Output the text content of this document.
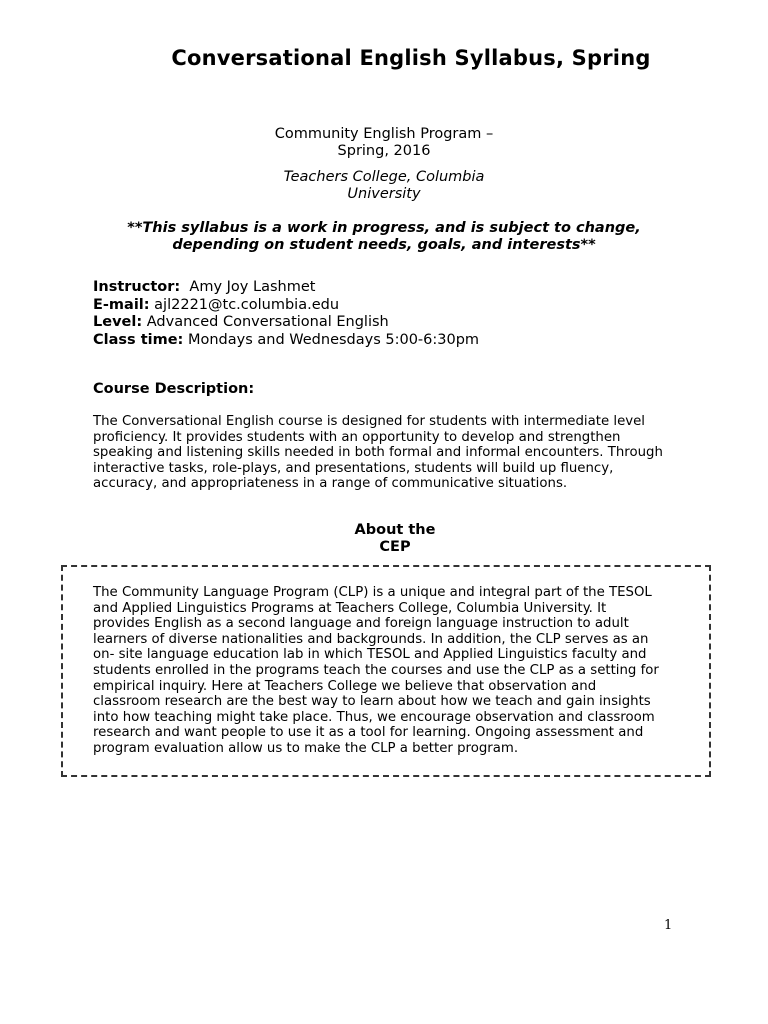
Conversational English Syllabus, Spring
Community English Program –
Spring, 2016
Teachers College, Columbia
University
**This syllabus is a work in progress, and is subject to change,
depending on student needs, goals, and interests**
Instructor: Amy Joy Lashmet
E-mail: ajl2221@tc.columbia.edu
Level: Advanced Conversational English
Class time: Mondays and Wednesdays 5:00-6:30pm
Course Description:
The Conversational English course is designed for students with intermediate level
proficiency. It provides students with an opportunity to develop and strengthen
speaking and listening skills needed in both formal and informal encounters. Through
interactive tasks, role-plays, and presentations, students will build up fluency,
accuracy, and appropriateness in a range of communicative situations.
About the
CEP
The Community Language Program (CLP) is a unique and integral part of the TESOL
and Applied Linguistics Programs at Teachers College, Columbia University. It
provides English as a second language and foreign language instruction to adult
learners of diverse nationalities and backgrounds. In addition, the CLP serves as an
on- site language education lab in which TESOL and Applied Linguistics faculty and
students enrolled in the programs teach the courses and use the CLP as a setting for
empirical inquiry. Here at Teachers College we believe that observation and
classroom research are the best way to learn about how we teach and gain insights
into how teaching might take place. Thus, we encourage observation and classroom
research and want people to use it as a tool for learning. Ongoing assessment and
program evaluation allow us to make the CLP a better program.
1
